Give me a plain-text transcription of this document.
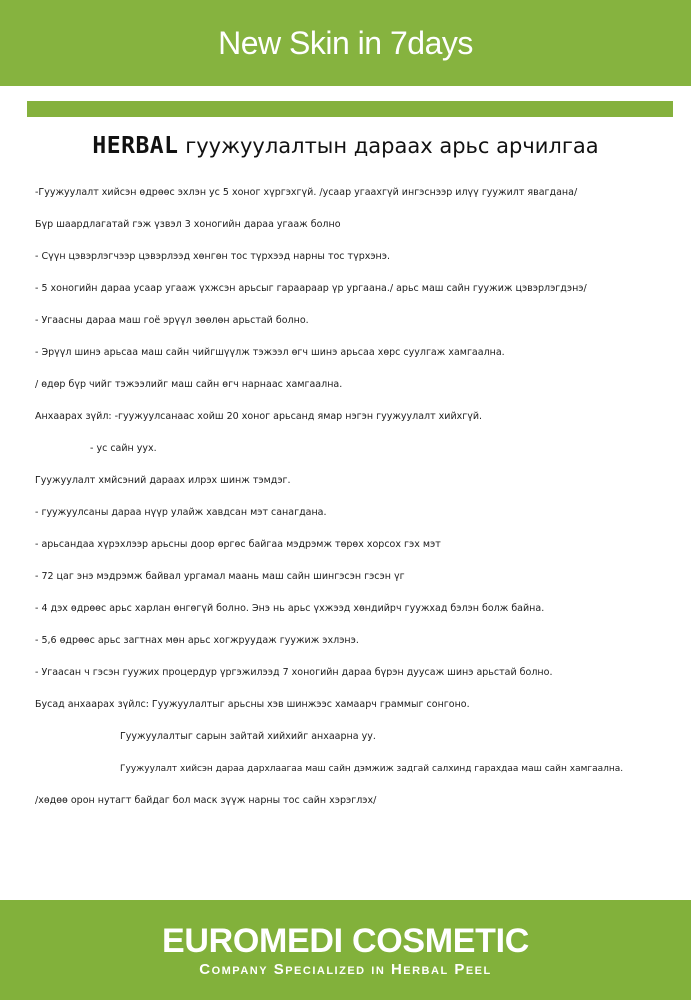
New Skin in 7days
HERBAL гуужуулалтын дараах арьс арчилгаа
-Гуужуулалт хийсэн өдрөөс эхлэн ус 5 хоног хүргэхгүй. /усаар угаахгүй ингэснээр илүү гуужилт явагдана/
Бүр шаардлагатай гэж үзвэл 3 хоногийн дараа угааж болно
- Сүүн цэвэрлэгчээр цэвэрлээд хөнгөн тос түрхээд нарны тос түрхэнэ.
- 5 хоногийн дараа усаар угааж үхжсэн арьсыг гараараар үр ургаана./ арьс маш сайн гуужиж цэвэрлэгдэнэ/
- Угаасны дараа маш гоё эрүүл зөөлөн арьстай болно.
- Эрүүл шинэ арьсаа маш сайн чийгшүүлж тэжээл өгч шинэ арьсаа хөрс суулгаж хамгаална.
/ өдөр бүр чийг тэжээлийг маш сайн өгч нарнаас хамгаална.
Анхаарах зүйл: -гуужуулсанаас хойш 20 хоног арьсанд ямар нэгэн гуужуулалт хийхгүй.
- ус сайн уух.
Гуужуулалт хмйсэний дараах илрэх шинж тэмдэг.
- гуужуулсаны дараа нүүр улайж хавдсан мэт санагдана.
- арьсандаа хүрэхлээр арьсны доор өргөс байгаа мэдрэмж төрөх хорсох гэх мэт
- 72 цаг энэ мэдрэмж байвал ургамал маань маш сайн шингэсэн гэсэн үг
- 4 дэх өдрөөс арьс харлан өнгөгүй болно. Энэ нь арьс үхжээд хөндийрч гуужхад бэлэн болж байна.
- 5,6 өдрөөс арьс загтнах мөн арьс хогжруудаж гуужиж эхлэнэ.
- Угаасан ч гэсэн гуужих процердур үргэжилээд 7 хоногийн дараа бүрэн дуусаж шинэ арьстай болно.
Бусад анхаарах зүйлс: Гуужуулалтыг арьсны хэв шинжээс хамаарч граммыг сонгоно.
Гуужуулалтыг сарын зайтай хийхийг анхаарна уу.
Гуужуулалт хийсэн дараа дархлаагаа маш сайн дэмжиж задгай салхинд гарахдаа маш сайн хамгаална.
/хөдөө орон нутагт байдаг бол маск зүүж нарны тос сайн хэрэглэх/
EUROMEDI COSMETIC
Company Specialized in Herbal Peel
